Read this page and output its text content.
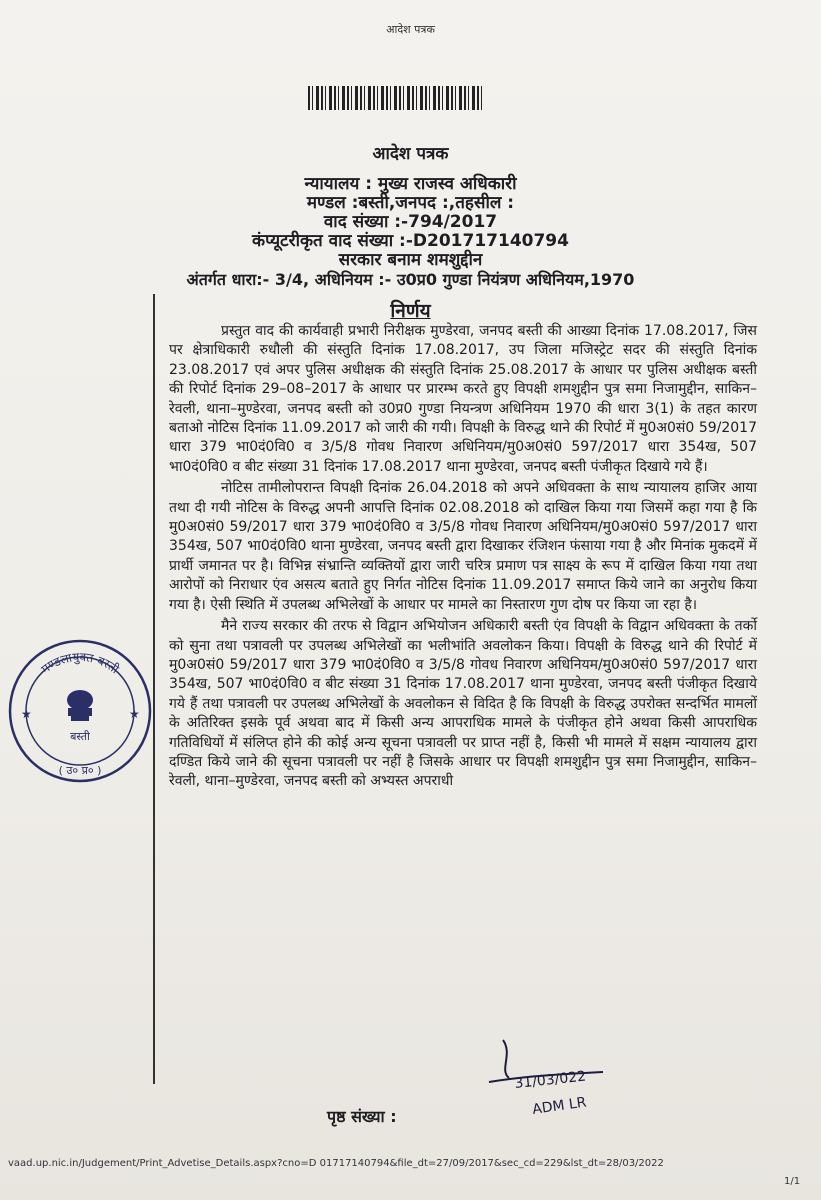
आदेश पत्रक
आदेश पत्रक
न्यायालय : मुख्य राजस्व अधिकारी
मण्डल :बस्ती,जनपद :,तहसील :
वाद संख्या :-794/2017
कंप्यूटरीकृत वाद संख्या :-D201717140794
सरकार बनाम शमशुद्दीन
अंतर्गत धारा:- 3/4, अधिनियम :- उ0प्र0 गुण्डा नियंत्रण अधिनियम,1970
निर्णय

प्रस्तुत वाद की कार्यवाही प्रभारी निरीक्षक मुण्डेरवा, जनपद बस्ती की आख्या दिनांक 17.08.2017, जिस पर क्षेत्राधिकारी रुधौली की संस्तुति दिनांक 17.08.2017, उप जिला मजिस्ट्रेट सदर की संस्तुति दिनांक 23.08.2017 एवं अपर पुलिस अधीक्षक की संस्तुति दिनांक 25.08.2017 के आधार पर पुलिस अधीक्षक बस्ती की रिपोर्ट दिनांक 29–08–2017 के आधार पर प्रारम्भ करते हुए विपक्षी शमशुद्दीन पुत्र समा निजामुद्दीन, साकिन–रेवली, थाना–मुण्डेरवा, जनपद बस्ती को उ0प्र0 गुण्डा नियन्त्रण अधिनियम 1970 की धारा 3(1) के तहत कारण बताओ नोटिस दिनांक 11.09.2017 को जारी की गयी। विपक्षी के विरुद्ध थाने की रिपोर्ट में मु0अ0सं0 59/2017 धारा 379 भा0दं0वि0 व 3/5/8 गोवध निवारण अधिनियम/मु0अ0सं0 597/2017 धारा 354ख, 507 भा0दं0वि0 व बीट संख्या 31 दिनांक 17.08.2017 थाना मुण्डेरवा, जनपद बस्ती पंजीकृत दिखाये गये हैं।

नोटिस तामीलोपरान्त विपक्षी दिनांक 26.04.2018 को अपने अधिवक्ता के साथ न्यायालय हाजिर आया तथा दी गयी नोटिस के विरुद्ध अपनी आपत्ति दिनांक 02.08.2018 को दाखिल किया गया जिसमें कहा गया है कि मु0अ0सं0 59/2017 धारा 379 भा0दं0वि0 व 3/5/8 गोवध निवारण अधिनियम/मु0अ0सं0 597/2017 धारा 354ख, 507 भा0दं0वि0 थाना मुण्डेरवा, जनपद बस्ती द्वारा दिखाकर रंजिशन फंसाया गया है और मिनांक मुकदमें में प्रार्थी जमानत पर है। विभिन्न संभ्रान्ति व्यक्तियों द्वारा जारी चरित्र प्रमाण पत्र साक्ष्य के रूप में दाखिल किया गया तथा आरोपों को निराधार एंव असत्य बताते हुए निर्गत नोटिस दिनांक 11.09.2017 समाप्त किये जाने का अनुरोध किया गया है। ऐसी स्थिति में उपलब्ध अभिलेखों के आधार पर मामले का निस्तारण गुण दोष पर किया जा रहा है।

मैने राज्य सरकार की तरफ से विद्वान अभियोजन अधिकारी बस्ती एंव विपक्षी के विद्वान अधिवक्ता के तर्को को सुना तथा पत्रावली पर उपलब्ध अभिलेखों का भलीभांति अवलोकन किया। विपक्षी के विरुद्ध थाने की रिपोर्ट में मु0अ0सं0 59/2017 धारा 379 भा0दं0वि0 व 3/5/8 गोवध निवारण अधिनियम/मु0अ0सं0 597/2017 धारा 354ख, 507 भा0दं0वि0 व बीट संख्या 31 दिनांक 17.08.2017 थाना मुण्डेरवा, जनपद बस्ती पंजीकृत दिखाये गये हैं तथा पत्रावली पर उपलब्ध अभिलेखों के अवलोकन से विदित है कि विपक्षी के विरुद्ध उपरोक्त सन्दर्भित मामलों के अतिरिक्त इसके पूर्व अथवा बाद में किसी अन्य आपराधिक मामले के पंजीकृत होने अथवा किसी आपराधिक गतिविधियों में संलिप्त होने की कोई अन्य सूचना पत्रावली पर प्राप्त नहीं है, किसी भी मामले में सक्षम न्यायालय द्वारा दण्डित किये जाने की सूचना पत्रावली पर नहीं है जिसके आधार पर विपक्षी शमशुद्दीन पुत्र समा निजामुद्दीन, साकिन–रेवली, थाना–मुण्डेरवा, जनपद बस्ती को अभ्यस्त अपराधी

मण्डलायुक्त बस्ती
बस्ती
( उ० प्र० )
★	★
31/03/022
ADM LR
पृष्ठ संख्या :
vaad.up.nic.in/Judgement/Print_Advetise_Details.aspx?cno=D 01717140794&file_dt=27/09/2017&sec_cd=229&lst_dt=28/03/2022
1/1
